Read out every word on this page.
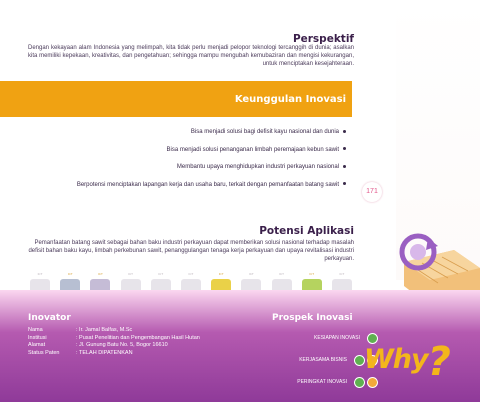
Perspektif

Dengan kekayaan alam Indonesia yang melimpah, kita tidak perlu menjadi pelopor teknologi tercanggih di dunia; asalkan kita memiliki kepekaan, kreativitas, dan pengetahuan; sehingga mampu mengubah kemubaziran dan mengisi kekurangan, untuk menciptakan kesejahteraan.

Keunggulan Inovasi
Bisa menjadi solusi bagi defisit kayu nasional dan dunia
Bisa menjadi solusi penanganan limbah peremajaan kebun sawit
Membantu upaya menghidupkan industri perkayuan nasional
Berpotensi menciptakan lapangan kerja dan usaha baru, terkait dengan pemanfaatan batang sawit
171
Potensi Aplikasi

Pemanfaatan batang sawit sebagai bahan baku industri perkayuan dapat memberikan solusi nasional terhadap masalah defisit bahan baku kayu, limbah perkebunan sawit, penanggulangan tenaga kerja perkayuan dan upaya revitalisasi industri perkayuan.

ICT	ICT	ICT	ICT	ICT	ICT	ICT	ICT	ICT	ICT	ICT
Inovator
Nama	: Ir. Jamal Balfas, M.Sc
Institusi	: Pusat Penelitian dan Pengembangan Hasil Hutan
Alamat	: Jl. Gunung Batu No. 5, Bogor 16610
Status Paten	: TELAH DIPATENKAN
Prospek Inovasi
KESIAPAN INOVASI
KERJASAMA BISNIS
PERINGKAT INOVASI
Why?
